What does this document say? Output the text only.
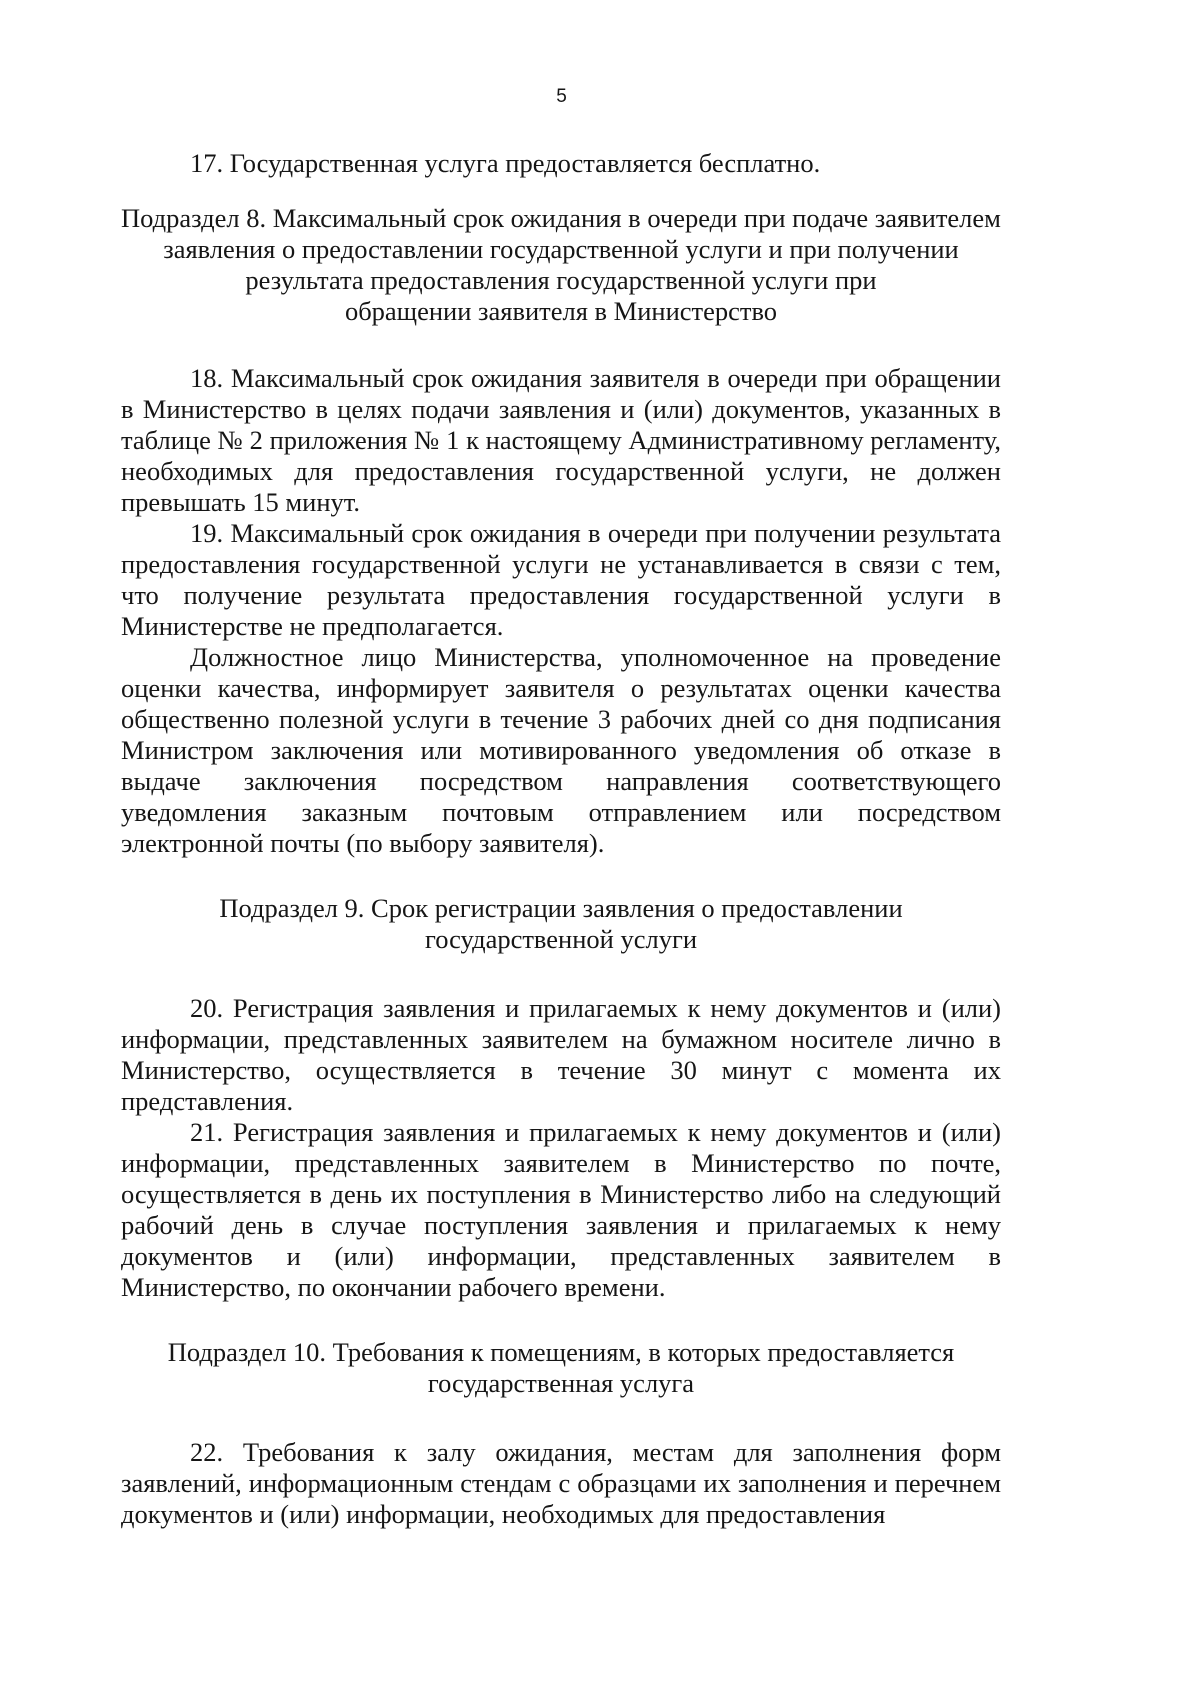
5

17. Государственная услуга предоставляется бесплатно.

Подраздел 8. Максимальный срок ожидания в очереди при подаче заявителем
заявления о предоставлении государственной услуги и при получении
результата предоставления государственной услуги при
обращении заявителя в Министерство

18. Максимальный срок ожидания заявителя в очереди при обращении в Министерство в целях подачи заявления и (или) документов, указанных в таблице № 2 приложения № 1 к настоящему Административному регламенту, необходимых для предоставления государственной услуги, не должен превышать 15 минут.

19. Максимальный срок ожидания в очереди при получении результата предоставления государственной услуги не устанавливается в связи с тем, что получение результата предоставления государственной услуги в Министерстве не предполагается.

Должностное лицо Министерства, уполномоченное на проведение оценки качества, информирует заявителя о результатах оценки качества общественно полезной услуги в течение 3 рабочих дней со дня подписания Министром заключения или мотивированного уведомления об отказе в выдаче заключения посредством направления соответствующего уведомления заказным почтовым отправлением или посредством электронной почты (по выбору заявителя).

Подраздел 9. Срок регистрации заявления о предоставлении
государственной услуги

20. Регистрация заявления и прилагаемых к нему документов и (или) информации, представленных заявителем на бумажном носителе лично в Министерство, осуществляется в течение 30 минут с момента их представления.

21. Регистрация заявления и прилагаемых к нему документов и (или) информации, представленных заявителем в Министерство по почте, осуществляется в день их поступления в Министерство либо на следующий рабочий день в случае поступления заявления и прилагаемых к нему документов и (или) информации, представленных заявителем в Министерство, по окончании рабочего времени.

Подраздел 10. Требования к помещениям, в которых предоставляется
государственная услуга

22. Требования к залу ожидания, местам для заполнения форм заявлений, информационным стендам с образцами их заполнения и перечнем документов и (или) информации, необходимых для предоставления
